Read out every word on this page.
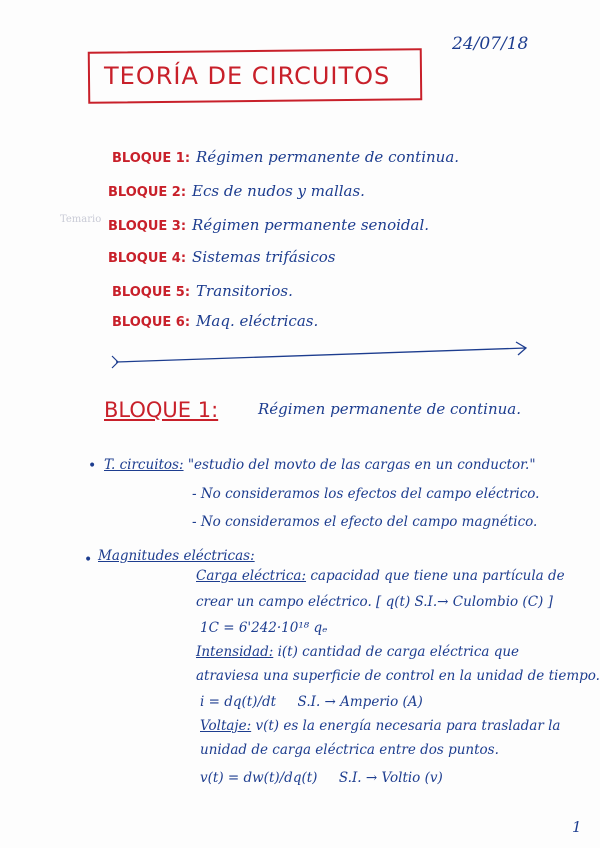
24/07/18
TEORÍA DE CIRCUITOS
Temario
BLOQUE 1: Régimen permanente de continua.
BLOQUE 2: Ecs de nudos y mallas.
BLOQUE 3: Régimen permanente senoidal.
BLOQUE 4: Sistemas trifásicos
BLOQUE 5: Transitorios.
BLOQUE 6: Maq. eléctricas.
BLOQUE 1:	Régimen permanente de continua.
• T. circuitos: "estudio del movto de las cargas en un conductor."
- No consideramos los efectos del campo eléctrico.
- No consideramos el efecto del campo magnético.
• Magnitudes eléctricas:
Carga eléctrica: capacidad que tiene una partícula de
crear un campo eléctrico. [ q(t) S.I.→ Culombio (C) ]
1C = 6'242·10¹⁸ qₑ
Intensidad: i(t) cantidad de carga eléctrica que
atraviesa una superficie de control en la unidad de tiempo.
i = dq(t)/dt S.I. → Amperio (A)
Voltaje: v(t) es la energía necesaria para trasladar la
unidad de carga eléctrica entre dos puntos.
v(t) = dw(t)/dq(t) S.I. → Voltio (v)
1
